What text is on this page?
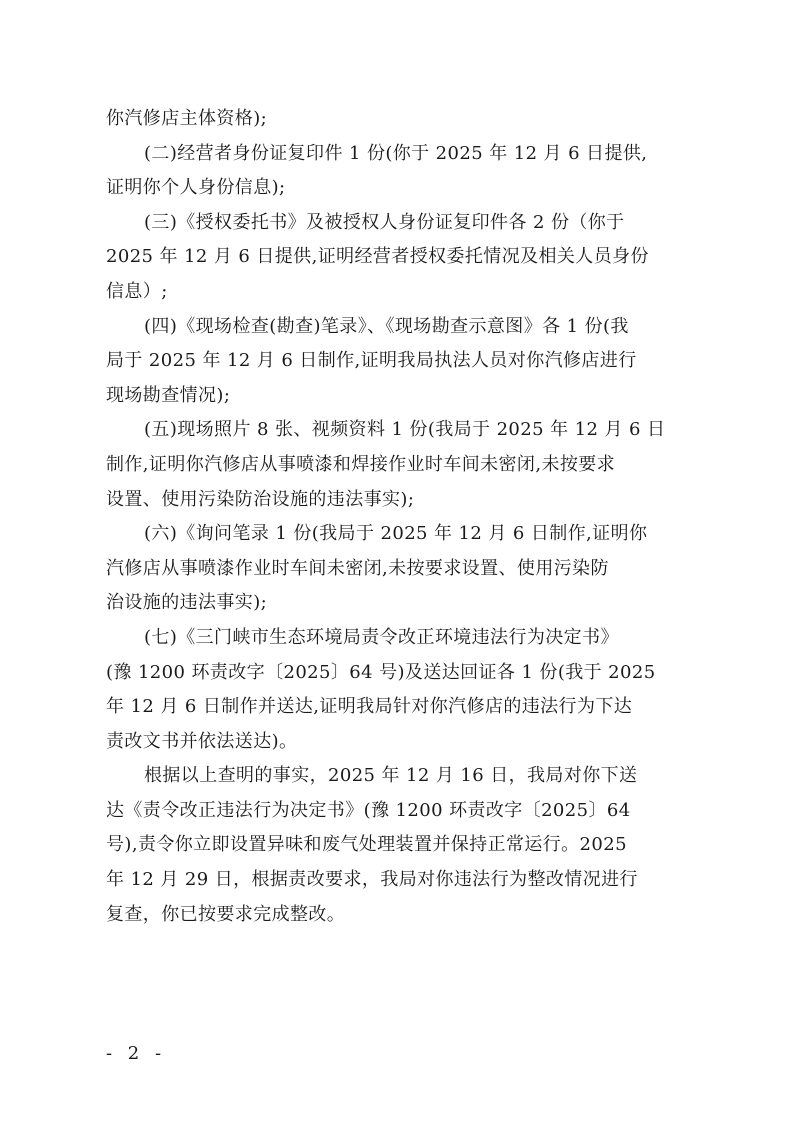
你汽修店主体资格);
(二)经营者身份证复印件 1 份(你于 2025 年 12 月 6 日提供,
证明你个人身份信息);
(三)《授权委托书》及被授权人身份证复印件各 2 份（你于
2025 年 12 月 6 日提供,证明经营者授权委托情况及相关人员身份
信息）;
(四)《现场检查(勘查)笔录》、《现场勘查示意图》各 1 份(我
局于 2025 年 12 月 6 日制作,证明我局执法人员对你汽修店进行
现场勘查情况);
(五)现场照片 8 张、视频资料 1 份(我局于 2025 年 12 月 6 日
制作,证明你汽修店从事喷漆和焊接作业时车间未密闭,未按要求
设置、使用污染防治设施的违法事实);
(六)《询问笔录 1 份(我局于 2025 年 12 月 6 日制作,证明你
汽修店从事喷漆作业时车间未密闭,未按要求设置、使用污染防
治设施的违法事实);
(七)《三门峡市生态环境局责令改正环境违法行为决定书》
(豫 1200 环责改字〔2025〕64 号)及送达回证各 1 份(我于 2025
年 12 月 6 日制作并送达,证明我局针对你汽修店的违法行为下达
责改文书并依法送达)。
根据以上查明的事实，2025 年 12 月 16 日，我局对你下送
达《责令改正违法行为决定书》(豫 1200 环责改字〔2025〕64
号),责令你立即设置异味和废气处理装置并保持正常运行。2025
年 12 月 29 日，根据责改要求，我局对你违法行为整改情况进行
复查，你已按要求完成整改。
- 2 -
